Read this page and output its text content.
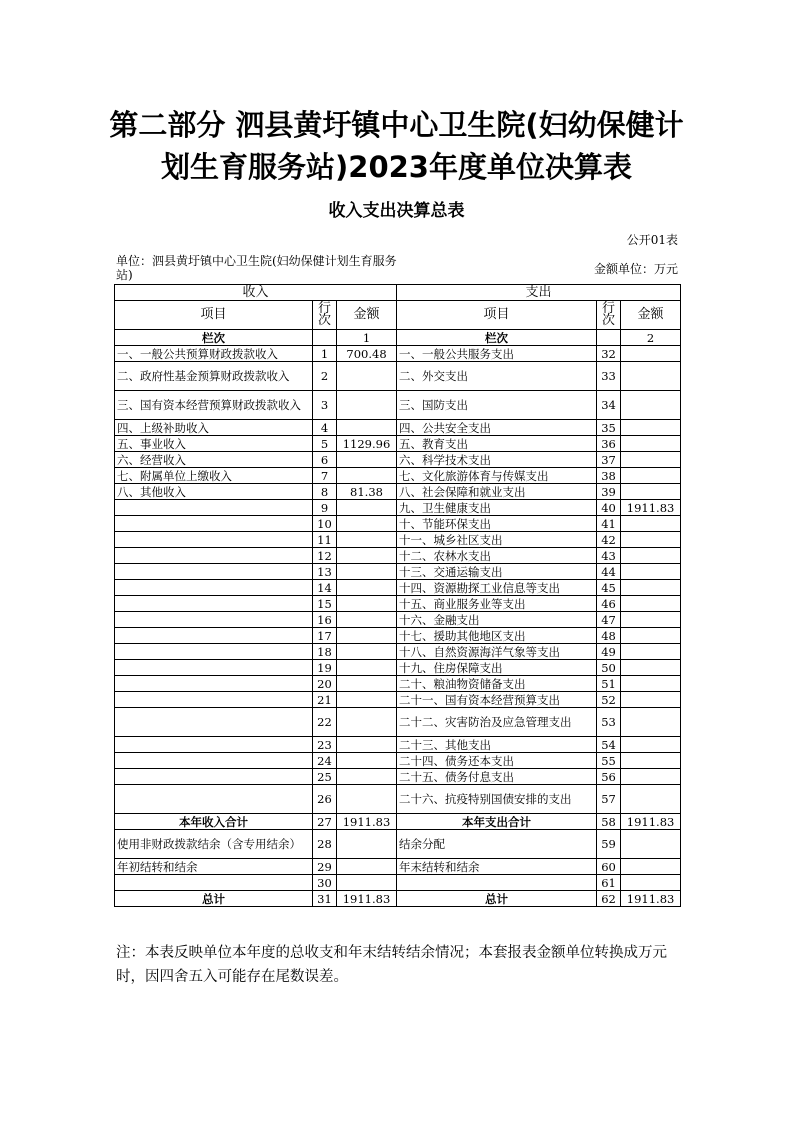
第二部分 泗县黄圩镇中心卫生院(妇幼保健计
划生育服务站)2023年度单位决算表
收入支出决算总表
公开01表
单位：泗县黄圩镇中心卫生院(妇幼保健计划生育服务站)	金额单位：万元
收入			支出		
项目	行次	金额	项目	行次	金额
栏次		1	栏次		2
一、一般公共预算财政拨款收入	1	700.48	一、一般公共服务支出	32	
二、政府性基金预算财政拨款收入	2		二、外交支出	33	
三、国有资本经营预算财政拨款收入	3		三、国防支出	34	
四、上级补助收入	4		四、公共安全支出	35	
五、事业收入	5	1129.96	五、教育支出	36	
六、经营收入	6		六、科学技术支出	37	
七、附属单位上缴收入	7		七、文化旅游体育与传媒支出	38	
八、其他收入	8	81.38	八、社会保障和就业支出	39	
	9		九、卫生健康支出	40	1911.83
	10		十、节能环保支出	41	
	11		十一、城乡社区支出	42	
	12		十二、农林水支出	43	
	13		十三、交通运输支出	44	
	14		十四、资源勘探工业信息等支出	45	
	15		十五、商业服务业等支出	46	
	16		十六、金融支出	47	
	17		十七、援助其他地区支出	48	
	18		十八、自然资源海洋气象等支出	49	
	19		十九、住房保障支出	50	
	20		二十、粮油物资储备支出	51	
	21		二十一、国有资本经营预算支出	52	
	22		二十二、灾害防治及应急管理支出	53	
	23		二十三、其他支出	54	
	24		二十四、债务还本支出	55	
	25		二十五、债务付息支出	56	
	26		二十六、抗疫特别国债安排的支出	57	
本年收入合计	27	1911.83	本年支出合计	58	1911.83
使用非财政拨款结余（含专用结余）	28		结余分配	59	
年初结转和结余	29		年末结转和结余	60	
	30			61	
总计	31	1911.83	总计	62	1911.83

注：本表反映单位本年度的总收支和年末结转结余情况；本套报表金额单位转换成万元时，因四舍五入可能存在尾数误差。
